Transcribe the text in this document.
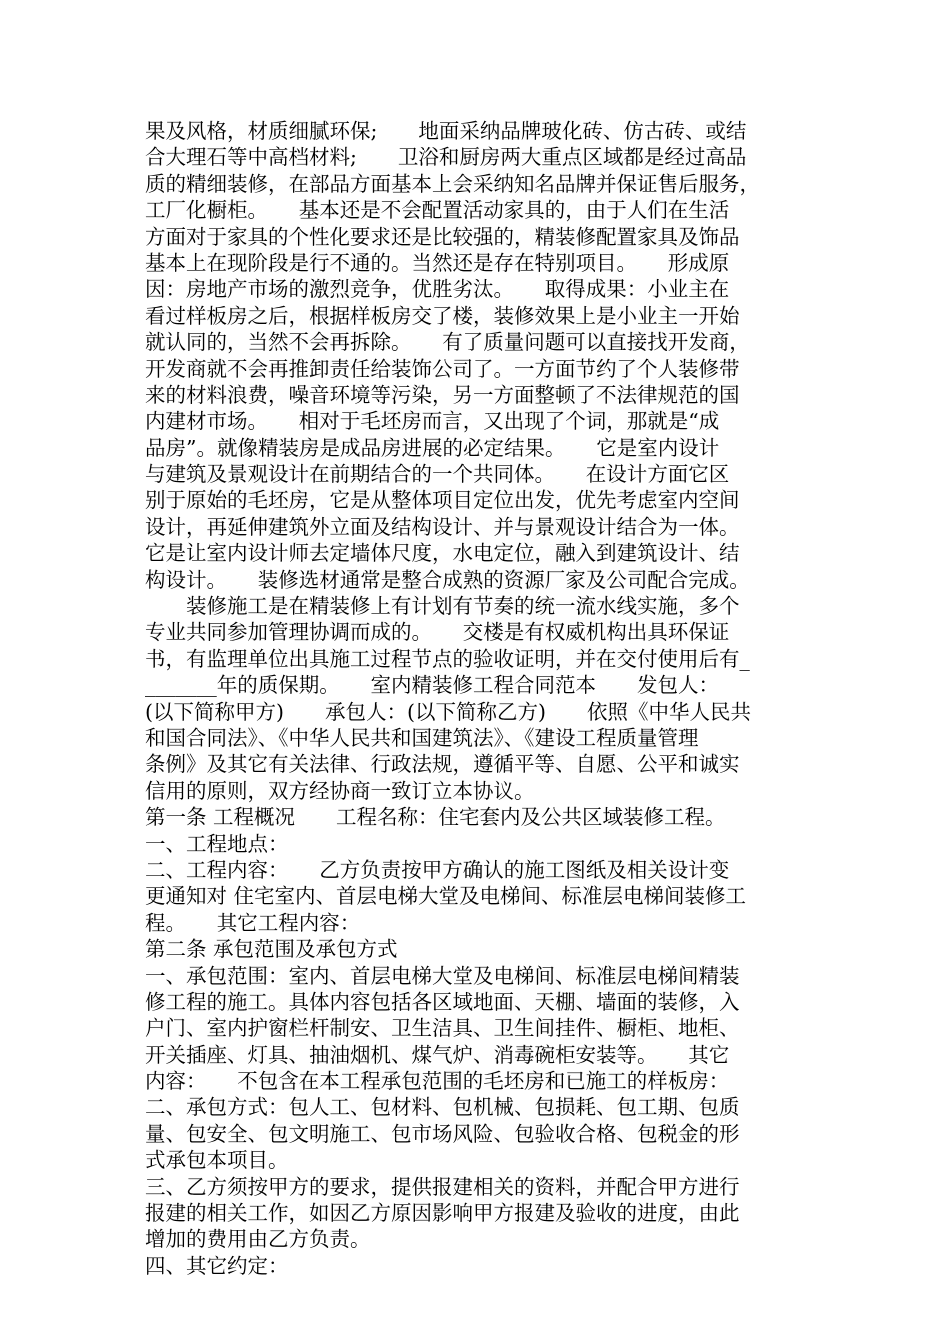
果及风格，材质细腻环保;　　地面采纳品牌玻化砖、仿古砖、或结
合大理石等中高档材料;　　卫浴和厨房两大重点区域都是经过高品
质的精细装修，在部品方面基本上会采纳知名品牌并保证售后服务，
工厂化橱柜。　　基本还是不会配置活动家具的，由于人们在生活
方面对于家具的个性化要求还是比较强的，精装修配置家具及饰品
基本上在现阶段是行不通的。当然还是存在特别项目。　　形成原
因：房地产市场的激烈竞争，优胜劣汰。　　取得成果：小业主在
看过样板房之后，根据样板房交了楼，装修效果上是小业主一开始
就认同的，当然不会再拆除。　　有了质量问题可以直接找开发商，
开发商就不会再推卸责任给装饰公司了。一方面节约了个人装修带
来的材料浪费，噪音环境等污染，另一方面整顿了不法律规范的国
内建材市场。　　相对于毛坯房而言，又出现了个词，那就是“成
品房”。就像精装房是成品房进展的必定结果。　　它是室内设计
与建筑及景观设计在前期结合的一个共同体。　　在设计方面它区
别于原始的毛坯房，它是从整体项目定位出发，优先考虑室内空间
设计，再延伸建筑外立面及结构设计、并与景观设计结合为一体。
它是让室内设计师去定墙体尺度，水电定位，融入到建筑设计、结
构设计。　　装修选材通常是整合成熟的资源厂家及公司配合完成。
　　装修施工是在精装修上有计划有节奏的统一流水线实施，多个
专业共同参加管理协调而成的。　　交楼是有权威机构出具环保证
书，有监理单位出具施工过程节点的验收证明，并在交付使用后有_
_______年的质保期。　　室内精装修工程合同范本　　发包人：
(以下简称甲方)　　承包人：(以下简称乙方)　　依照《中华人民共
和国合同法》、《中华人民共和国建筑法》、《建设工程质量管理
条例》及其它有关法律、行政法规，遵循平等、自愿、公平和诚实
信用的原则，双方经协商一致订立本协议。
第一条 工程概况　　工程名称：住宅套内及公共区域装修工程。
一、工程地点：
二、工程内容：　　乙方负责按甲方确认的施工图纸及相关设计变
更通知对 住宅室内、首层电梯大堂及电梯间、标准层电梯间装修工
程。　　其它工程内容：
第二条 承包范围及承包方式
一、承包范围：室内、首层电梯大堂及电梯间、标准层电梯间精装
修工程的施工。具体内容包括各区域地面、天棚、墙面的装修，入
户门、室内护窗栏杆制安、卫生洁具、卫生间挂件、橱柜、地柜、
开关插座、灯具、抽油烟机、煤气炉、消毒碗柜安装等。　　其它
内容：　　不包含在本工程承包范围的毛坯房和已施工的样板房：
二、承包方式：包人工、包材料、包机械、包损耗、包工期、包质
量、包安全、包文明施工、包市场风险、包验收合格、包税金的形
式承包本项目。
三、乙方须按甲方的要求，提供报建相关的资料，并配合甲方进行
报建的相关工作，如因乙方原因影响甲方报建及验收的进度，由此
增加的费用由乙方负责。
四、其它约定：
